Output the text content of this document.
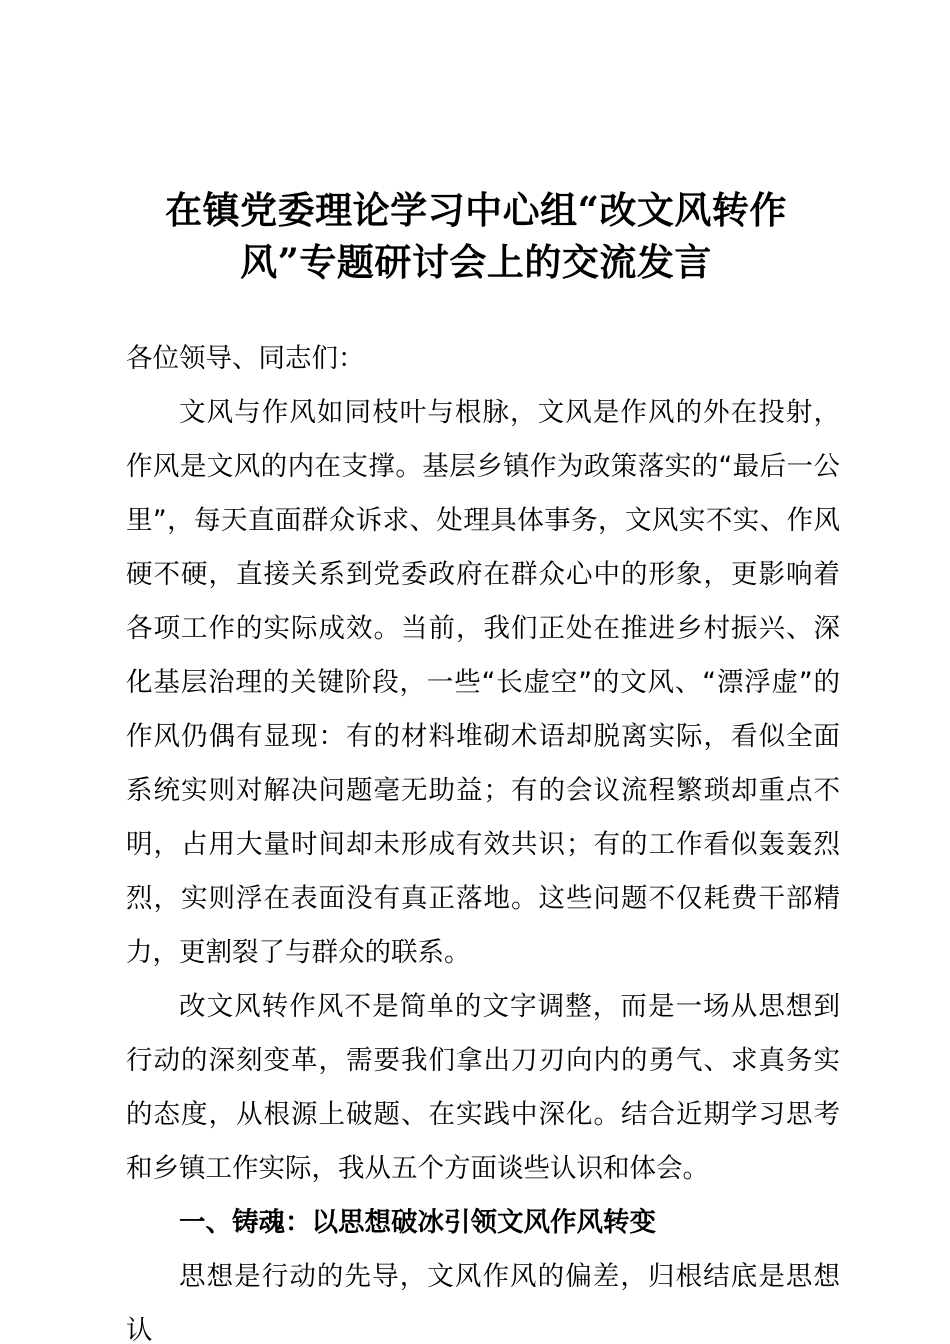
在镇党委理论学习中心组“改文风转作风”专题研讨会上的交流发言

各位领导、同志们：

文风与作风如同枝叶与根脉，文风是作风的外在投射，作风是文风的内在支撑。基层乡镇作为政策落实的“最后一公里”，每天直面群众诉求、处理具体事务，文风实不实、作风硬不硬，直接关系到党委政府在群众心中的形象，更影响着各项工作的实际成效。当前，我们正处在推进乡村振兴、深化基层治理的关键阶段，一些“长虚空”的文风、“漂浮虚”的作风仍偶有显现：有的材料堆砌术语却脱离实际，看似全面系统实则对解决问题毫无助益；有的会议流程繁琐却重点不明，占用大量时间却未形成有效共识；有的工作看似轰轰烈烈，实则浮在表面没有真正落地。这些问题不仅耗费干部精力，更割裂了与群众的联系。

改文风转作风不是简单的文字调整，而是一场从思想到行动的深刻变革，需要我们拿出刀刃向内的勇气、求真务实的态度，从根源上破题、在实践中深化。结合近期学习思考和乡镇工作实际，我从五个方面谈些认识和体会。

一、铸魂：以思想破冰引领文风作风转变

思想是行动的先导，文风作风的偏差，归根结底是思想认
